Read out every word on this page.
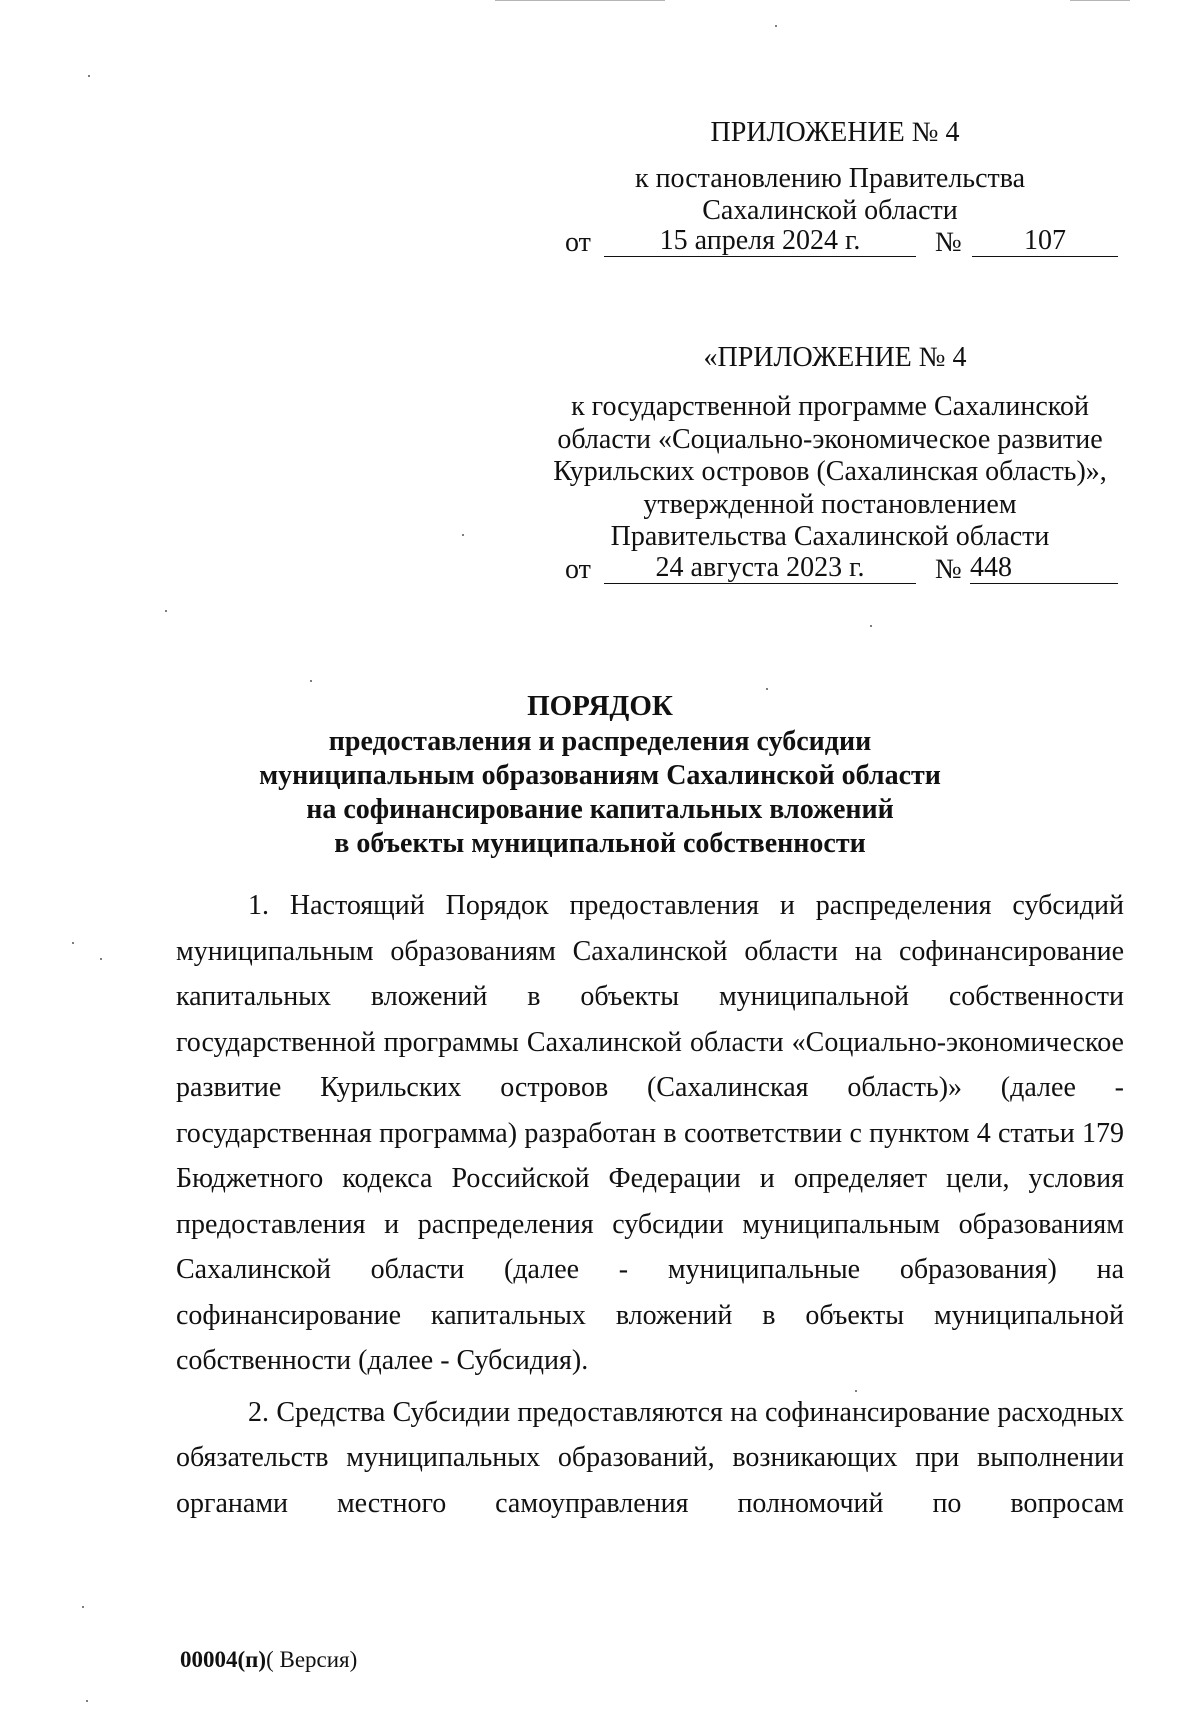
ПРИЛОЖЕНИЕ № 4
к постановлению Правительства
Сахалинской области
от	15 апреля 2024 г.	№	107
«ПРИЛОЖЕНИЕ № 4
к государственной программе Сахалинской
области «Социально-экономическое развитие
Курильских островов (Сахалинская область)»,
утвержденной постановлением
Правительства Сахалинской области
от	24 августа 2023 г.	№ 448
ПОРЯДОК
предоставления и распределения субсидии
муниципальным образованиям Сахалинской области
на софинансирование капитальных вложений
в объекты муниципальной собственности

1. Настоящий Порядок предоставления и распределения субсидий муниципальным образованиям Сахалинской области на софинансирование капитальных вложений в объекты муниципальной собственности государственной программы Сахалинской области «Социально-экономическое развитие Курильских островов (Сахалинская область)» (далее - государственная программа) разработан в соответствии с пунктом 4 статьи 179 Бюджетного кодекса Российской Федерации и определяет цели, условия предоставления и распределения субсидии муниципальным образованиям Сахалинской области (далее - муниципальные образования) на софинансирование капитальных вложений в объекты муниципальной собственности (далее - Субсидия).

2. Средства Субсидии предоставляются на софинансирование расходных обязательств муниципальных образований, возникающих при выполнении органами местного самоуправления полномочий по вопросам

00004(п)( Версия)
